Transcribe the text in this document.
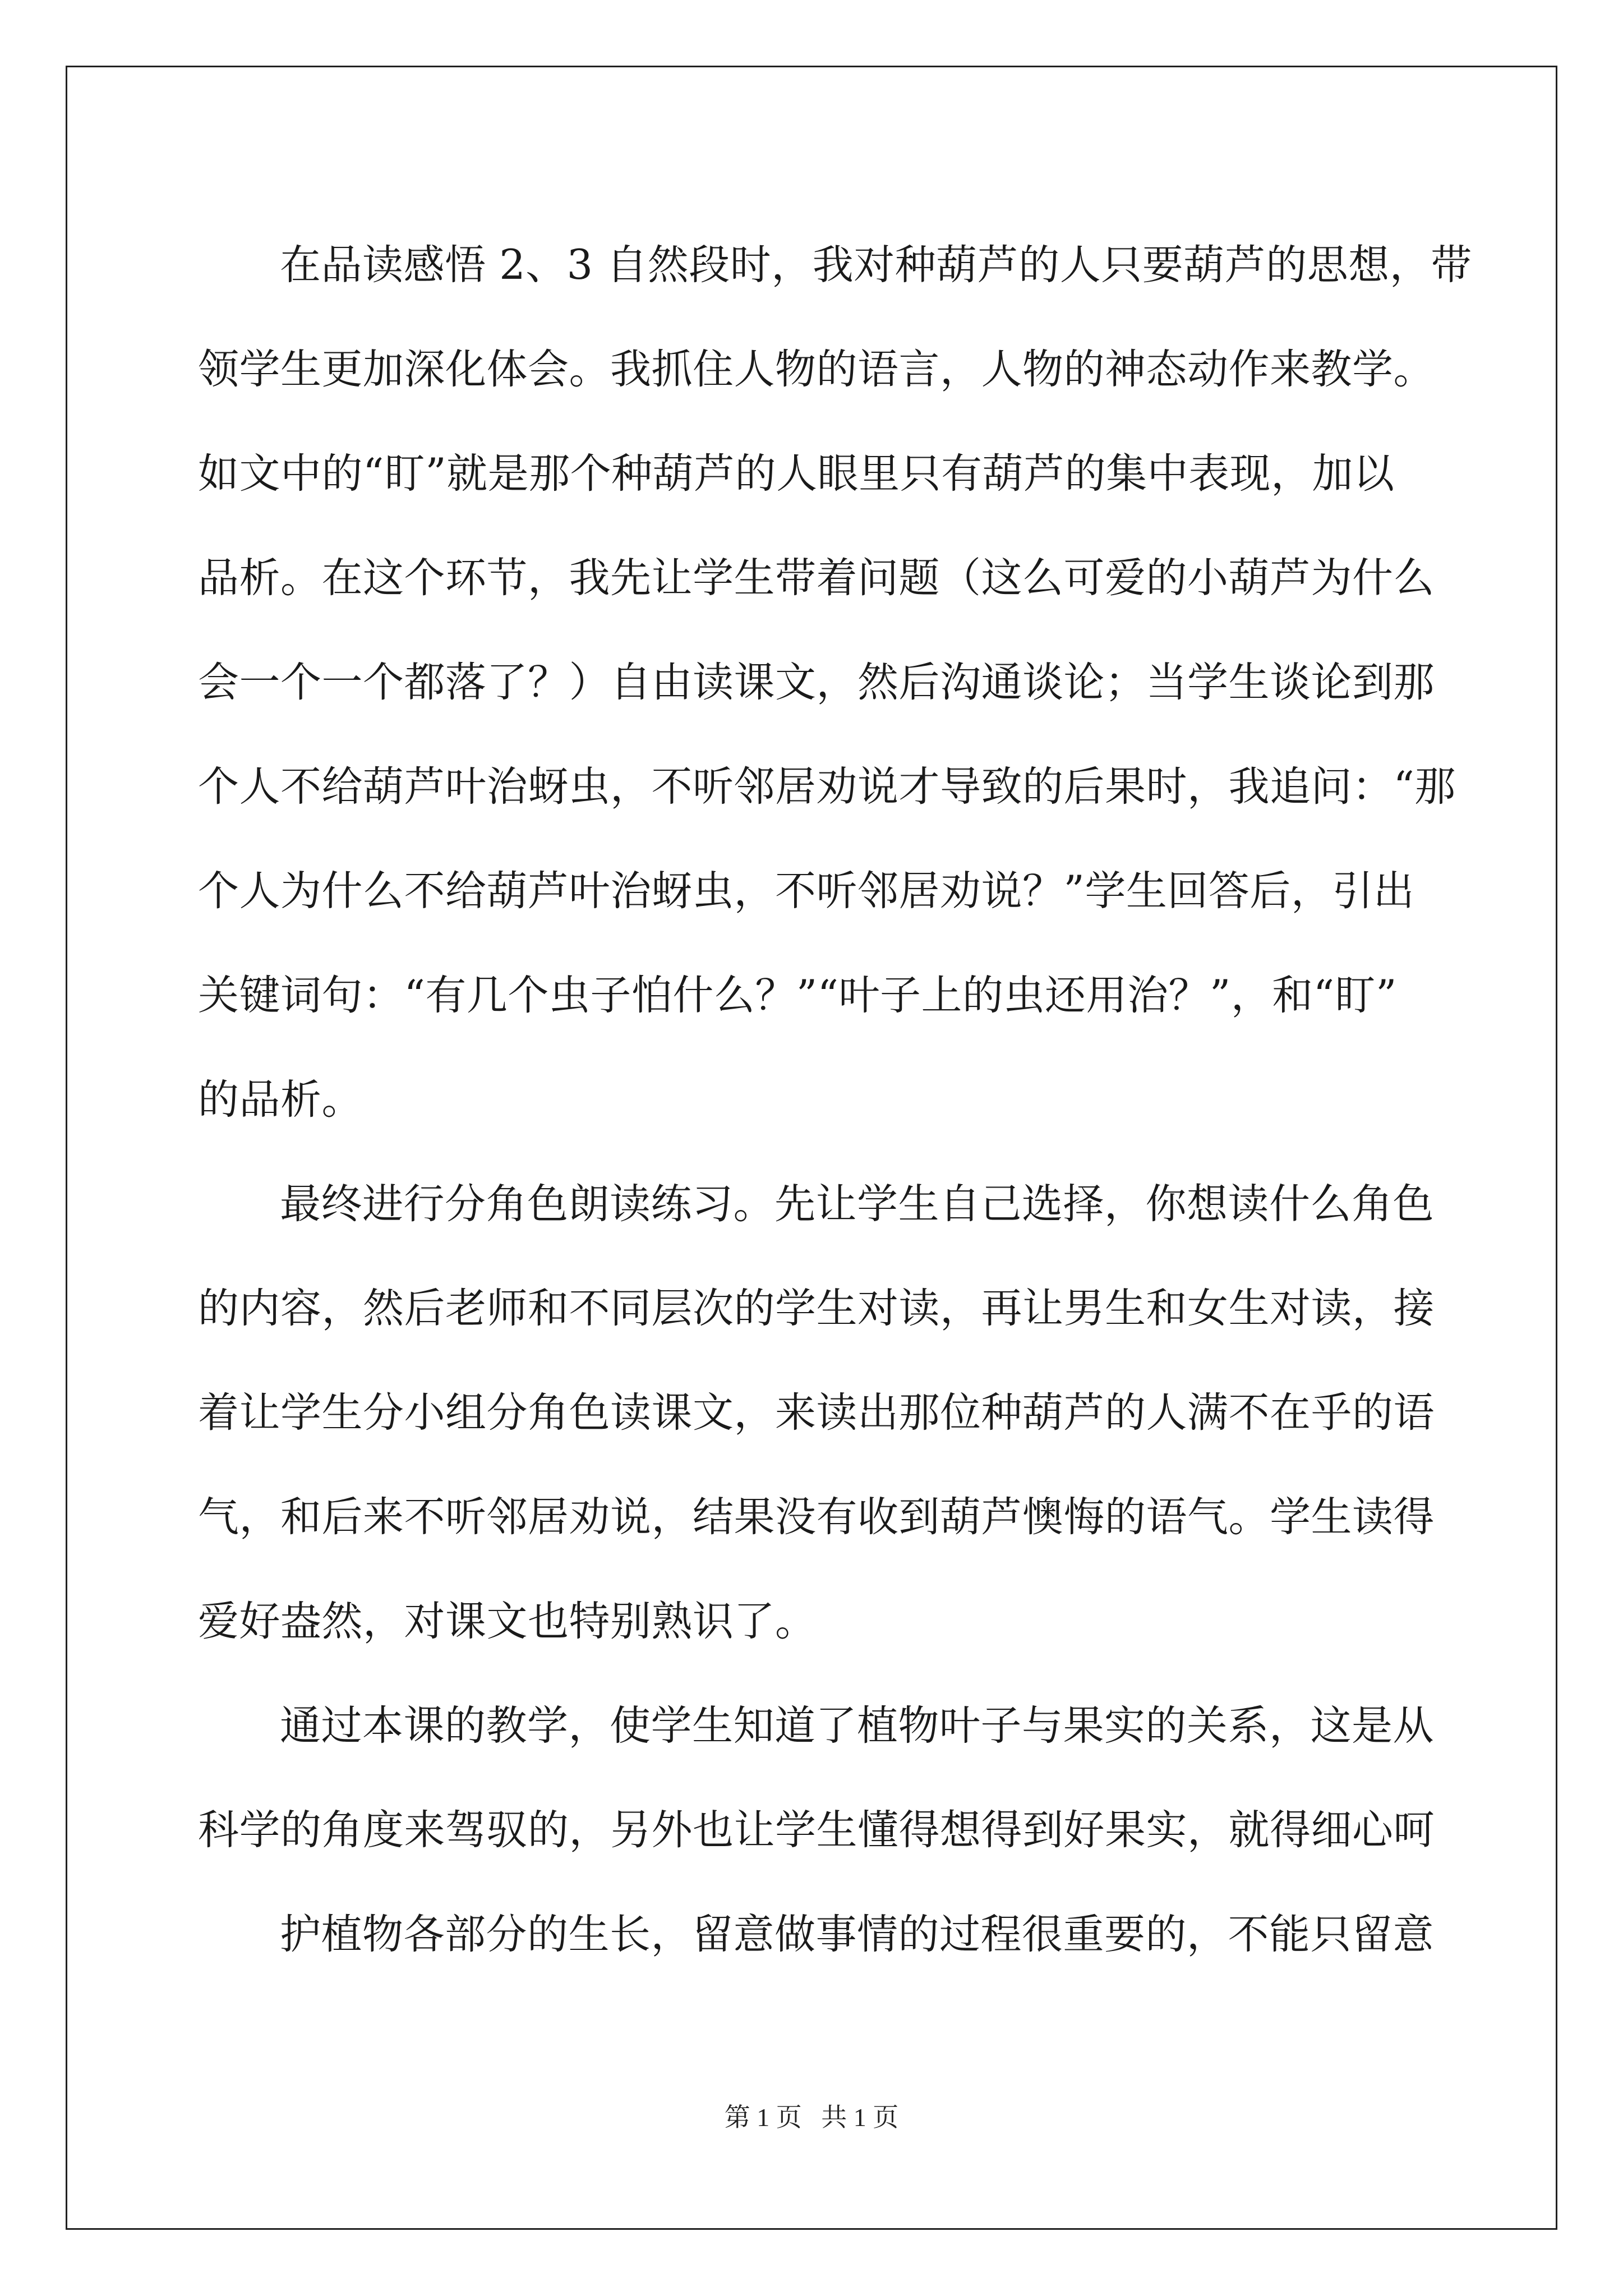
在品读感悟 2、3 自然段时，我对种葫芦的人只要葫芦的思想，带
领学生更加深化体会。我抓住人物的语言，人物的神态动作来教学。
如文中的“盯”就是那个种葫芦的人眼里只有葫芦的集中表现，加以
品析。在这个环节，我先让学生带着问题（这么可爱的小葫芦为什么
会一个一个都落了？）自由读课文，然后沟通谈论；当学生谈论到那
个人不给葫芦叶治蚜虫，不听邻居劝说才导致的后果时，我追问：“那
个人为什么不给葫芦叶治蚜虫，不听邻居劝说？”学生回答后，引出
关键词句：“有几个虫子怕什么？”“叶子上的虫还用治？”，和“盯”
的品析。
最终进行分角色朗读练习。先让学生自己选择，你想读什么角色
的内容，然后老师和不同层次的学生对读，再让男生和女生对读，接
着让学生分小组分角色读课文，来读出那位种葫芦的人满不在乎的语
气，和后来不听邻居劝说，结果没有收到葫芦懊悔的语气。学生读得
爱好盎然，对课文也特别熟识了。
通过本课的教学，使学生知道了植物叶子与果实的关系，这是从
科学的角度来驾驭的，另外也让学生懂得想得到好果实，就得细心呵
护植物各部分的生长，留意做事情的过程很重要的，不能只留意
第 1 页   共 1 页
